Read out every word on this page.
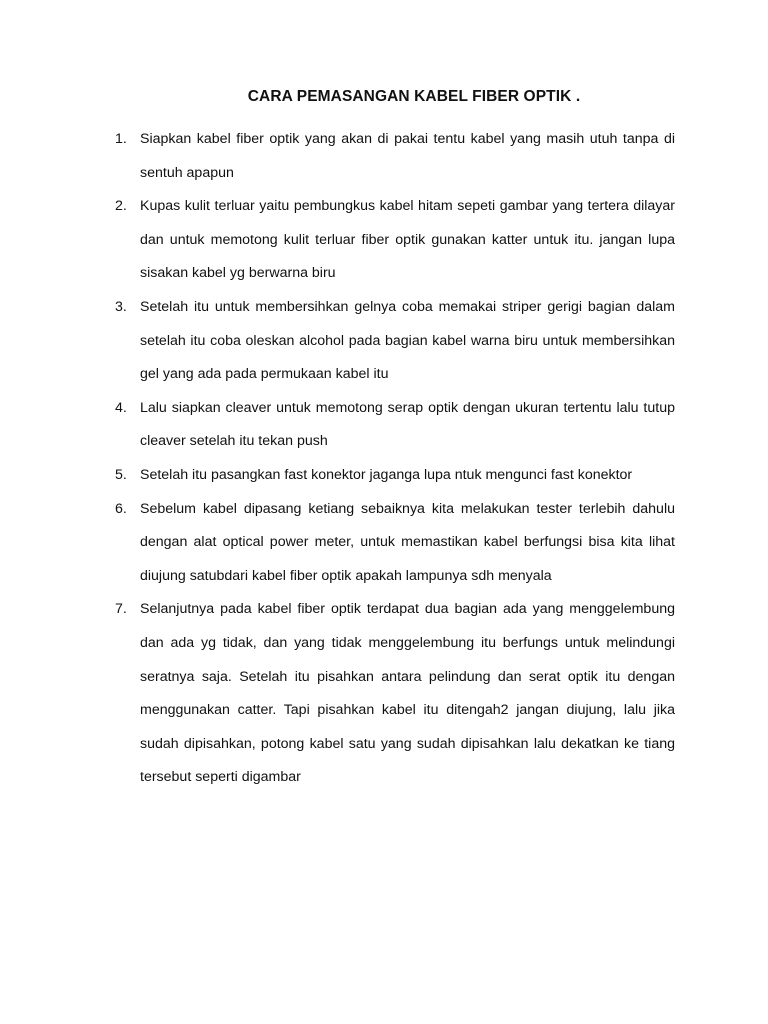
CARA PEMASANGAN KABEL FIBER OPTIK .
1. Siapkan kabel fiber optik yang akan di pakai tentu kabel yang masih utuh tanpa di sentuh apapun
2. Kupas kulit terluar yaitu pembungkus kabel hitam sepeti gambar yang tertera dilayar dan untuk memotong kulit terluar fiber optik gunakan katter untuk itu. jangan lupa sisakan kabel yg berwarna biru
3. Setelah itu untuk membersihkan gelnya coba memakai striper gerigi bagian dalam setelah itu coba oleskan alcohol pada bagian kabel warna biru untuk membersihkan gel yang ada pada permukaan kabel itu
4. Lalu siapkan cleaver untuk memotong serap optik dengan ukuran tertentu lalu tutup cleaver setelah itu tekan push
5. Setelah itu pasangkan fast konektor jaganga lupa ntuk mengunci fast konektor
6. Sebelum kabel dipasang ketiang sebaiknya kita melakukan tester terlebih dahulu dengan alat optical power meter, untuk memastikan kabel berfungsi bisa kita lihat diujung satubdari kabel fiber optik apakah lampunya sdh menyala
7. Selanjutnya pada kabel fiber optik terdapat dua bagian ada yang menggelembung dan ada yg tidak, dan yang tidak menggelembung itu berfungs untuk melindungi seratnya saja. Setelah itu pisahkan antara pelindung dan serat optik itu dengan menggunakan catter. Tapi pisahkan kabel itu ditengah2 jangan diujung, lalu jika sudah dipisahkan, potong kabel satu yang sudah dipisahkan lalu dekatkan ke tiang tersebut seperti digambar
